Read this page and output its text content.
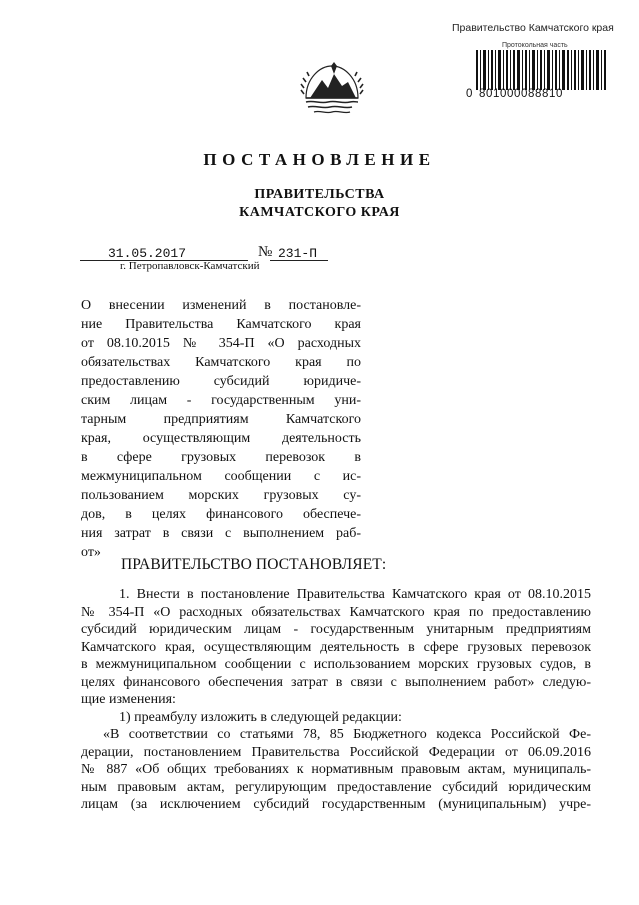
Правительство Камчатского края
Протокольная часть
0 801000088810
ПОСТАНОВЛЕНИЕ
ПРАВИТЕЛЬСТВА
КАМЧАТСКОГО КРАЯ
31.05.2017	№ 231-П
г. Петропавловск-Камчатский
О внесении изменений в постановле-
ние Правительства Камчатского края
от 08.10.2015 № 354-П «О расходных
обязательствах Камчатского края по
предоставлению субсидий юридиче-
ским лицам - государственным уни-
тарным предприятиям Камчатского
края, осуществляющим деятельность
в сфере грузовых перевозок в
межмуниципальном сообщении с ис-
пользованием морских грузовых су-
дов, в целях финансового обеспече-
ния затрат в связи с выполнением раб-
от»
ПРАВИТЕЛЬСТВО ПОСТАНОВЛЯЕТ:
1. Внести в постановление Правительства Камчатского края от 08.10.2015
№ 354-П «О расходных обязательствах Камчатского края по предоставлению
субсидий юридическим лицам - государственным унитарным предприятиям
Камчатского края, осуществляющим деятельность в сфере грузовых перевозок
в межмуниципальном сообщении с использованием морских грузовых судов, в
целях финансового обеспечения затрат в связи с выполнением работ» следую-
щие изменения:
1) преамбулу изложить в следующей редакции:
«В соответствии со статьями 78, 85 Бюджетного кодекса Российской Фе-
дерации, постановлением Правительства Российской Федерации от 06.09.2016
№ 887 «Об общих требованиях к нормативным правовым актам, муниципаль-
ным правовым актам, регулирующим предоставление субсидий юридическим
лицам (за исключением субсидий государственным (муниципальным) учре-
